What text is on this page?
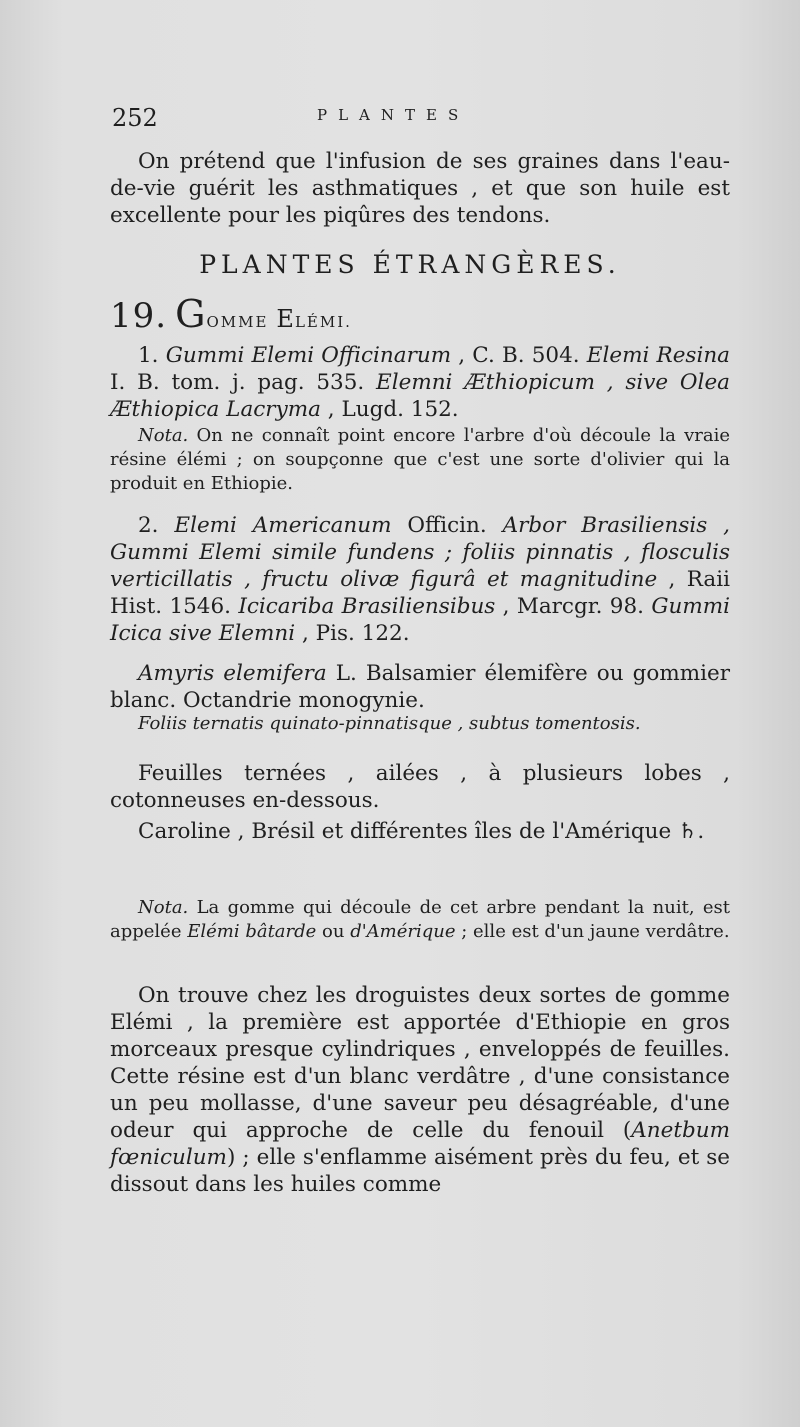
252	PLANTES

On prétend que l'infusion de ses graines dans l'eau-de-vie guérit les asthmatiques , et que son huile est excellente pour les piqûres des tendons.

PLANTES ÉTRANGÈRES.

19. GOMME ELÉMI.

1. Gummi Elemi Officinarum , C. B. 504. Elemi Resina I. B. tom. j. pag. 535. Elemni Æthiopicum , sive Olea Æthiopica Lacryma , Lugd. 152.

Nota. On ne connaît point encore l'arbre d'où découle la vraie résine élémi ; on soupçonne que c'est une sorte d'olivier qui la produit en Ethiopie.

2. Elemi Americanum Officin. Arbor Brasiliensis , Gummi Elemi simile fundens ; foliis pinnatis , flosculis verticillatis , fructu olivæ figurâ et magnitudine , Raii Hist. 1546. Icicariba Brasiliensibus , Marcgr. 98. Gummi Icica sive Elemni , Pis. 122.

Amyris elemifera L. Balsamier élemifère ou gommier blanc. Octandrie monogynie.

Foliis ternatis quinato-pinnatisque , subtus tomentosis.

Feuilles ternées , ailées , à plusieurs lobes , cotonneuses en-dessous.

Caroline , Brésil et différentes îles de l'Amérique ♄.

Nota. La gomme qui découle de cet arbre pendant la nuit, est appelée Elémi bâtarde ou d'Amérique ; elle est d'un jaune verdâtre.

On trouve chez les droguistes deux sortes de gomme Elémi , la première est apportée d'Ethiopie en gros morceaux presque cylindriques , enveloppés de feuilles. Cette résine est d'un blanc verdâtre , d'une consistance un peu mollasse, d'une saveur peu désagréable, d'une odeur qui approche de celle du fenouil (Anetbum fœniculum) ; elle s'enflamme aisément près du feu, et se dissout dans les huiles comme
